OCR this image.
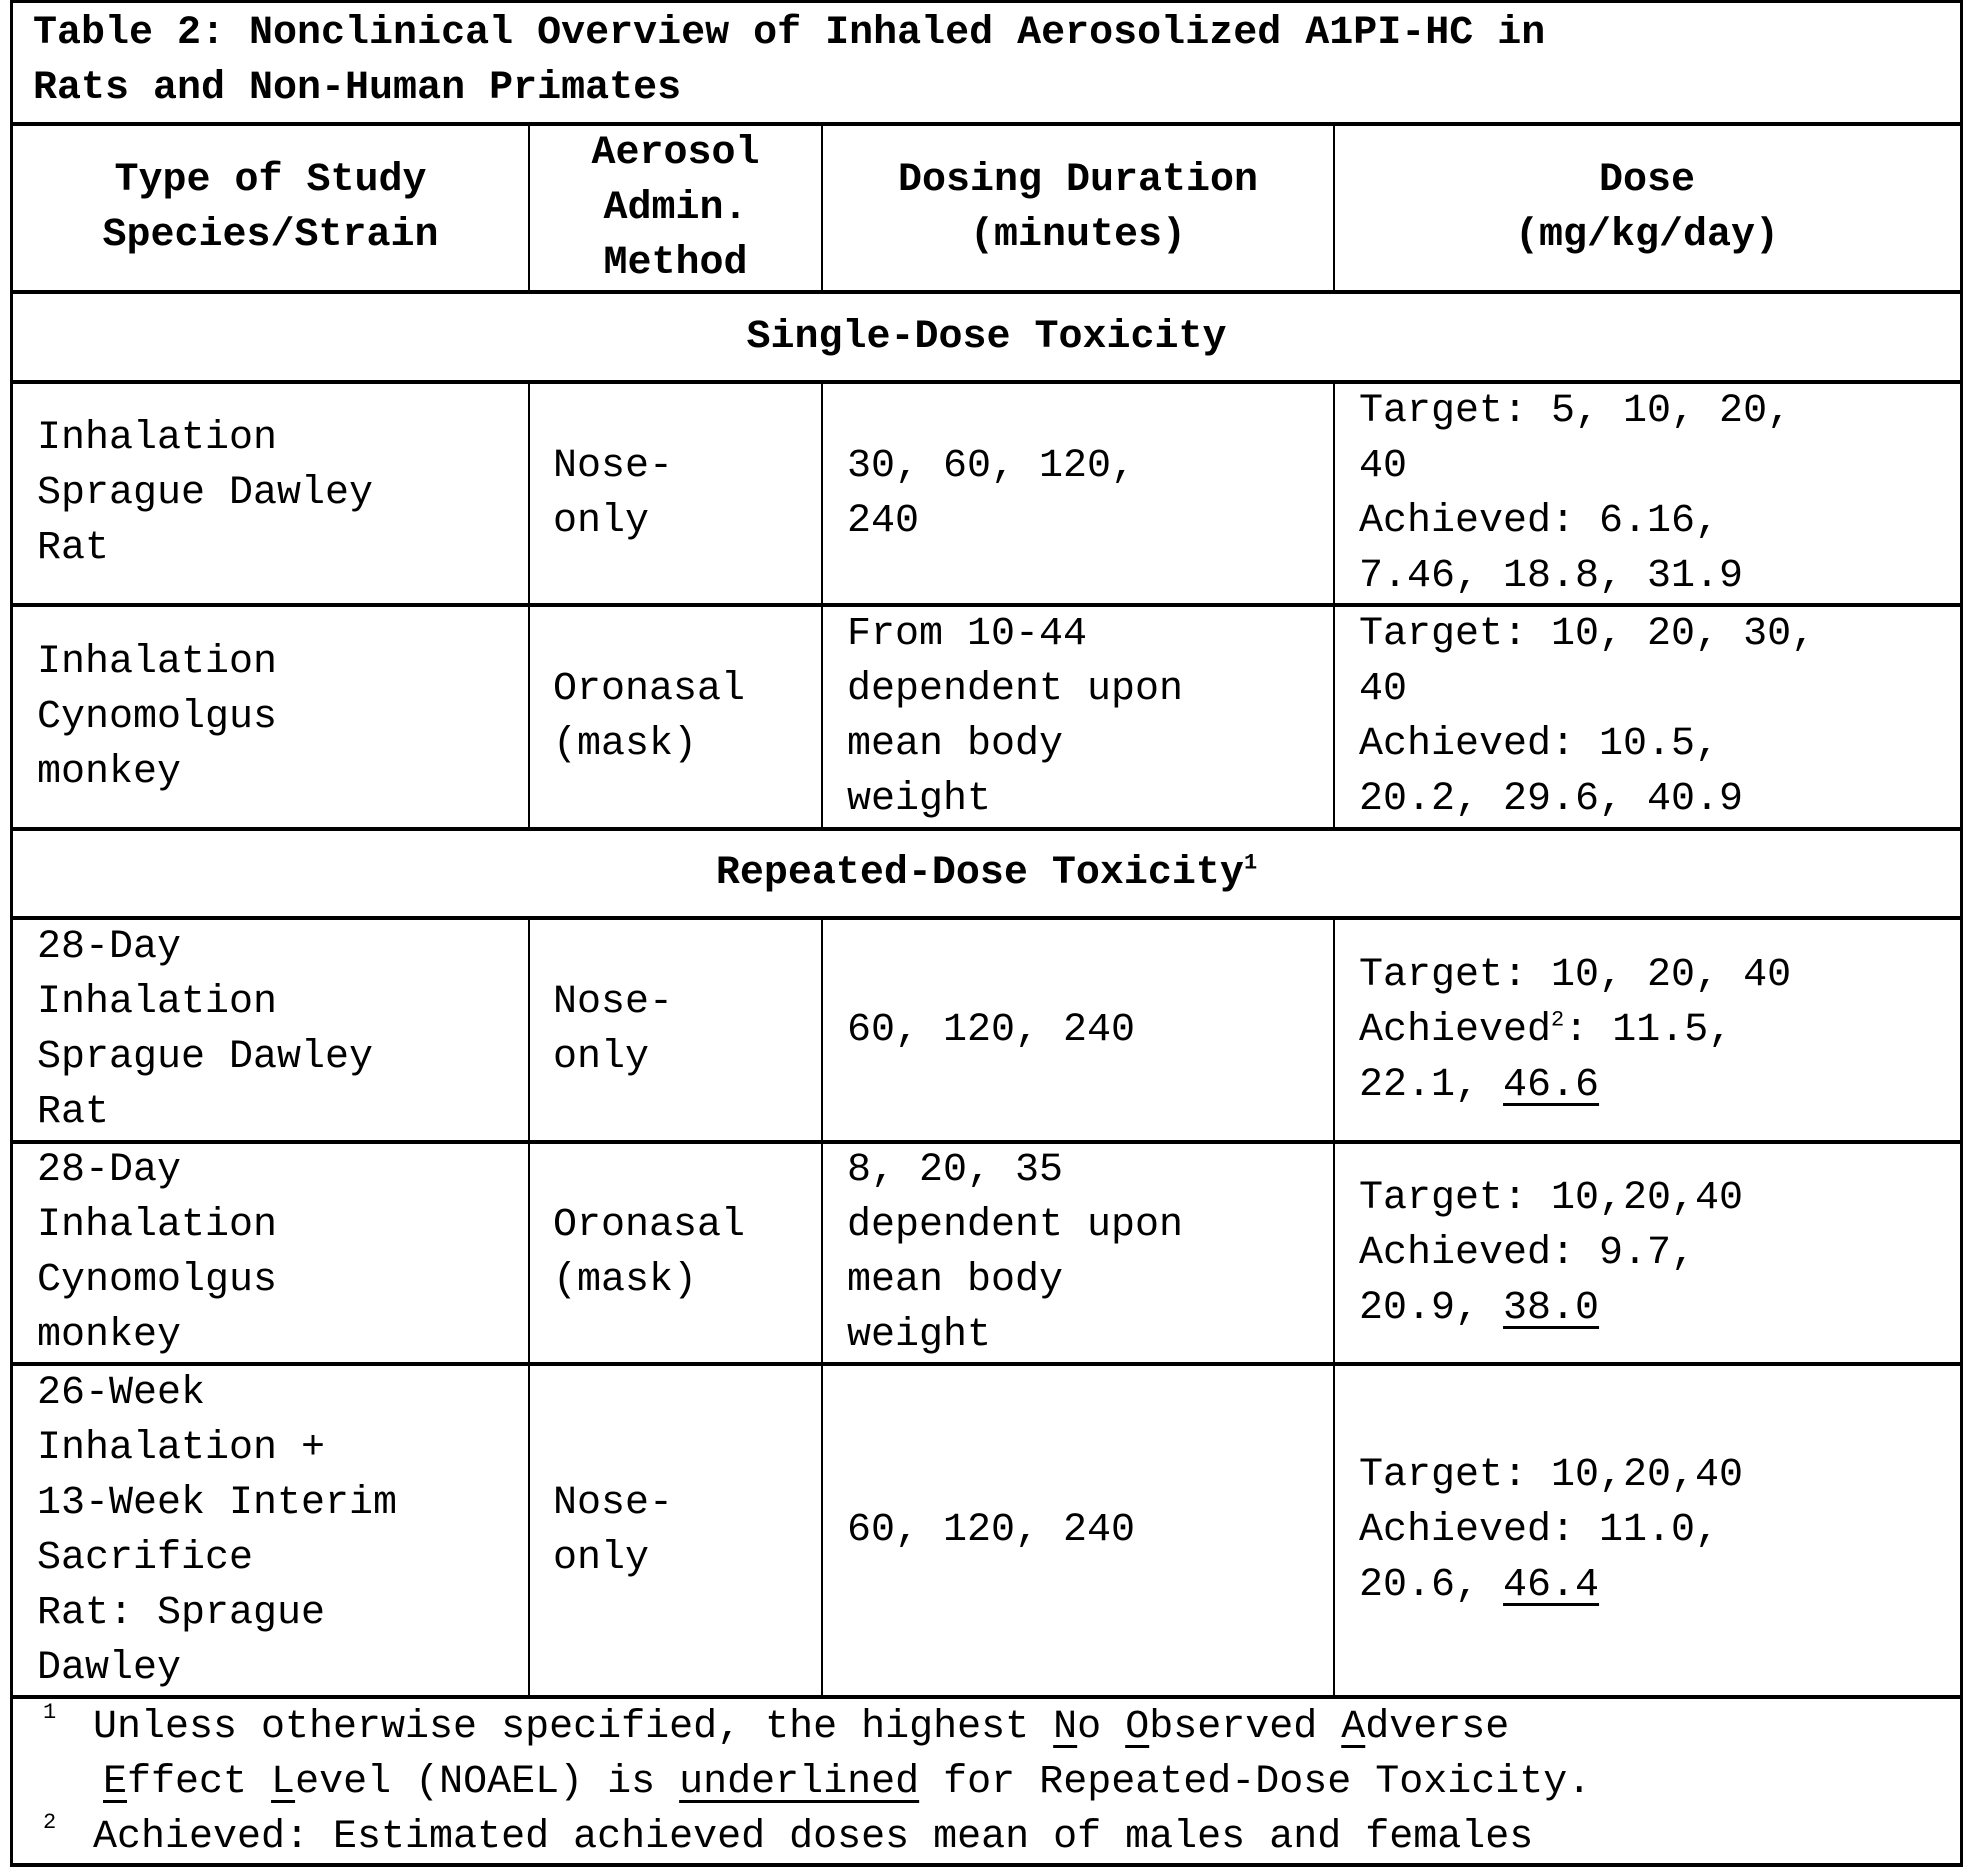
Table 2: Nonclinical Overview of Inhaled Aerosolized A1PI-HC in
Rats and Non-Human Primates
Type of Study
Species/Strain
Aerosol
Admin.
Method
Dosing Duration
(minutes)
Dose
(mg/kg/day)
Single-Dose Toxicity
Inhalation
Sprague Dawley
Rat
Nose-
only
30, 60, 120,
240
Target: 5, 10, 20,
40
Achieved: 6.16,
7.46, 18.8, 31.9
Inhalation
Cynomolgus
monkey
Oronasal
(mask)
From 10-44
dependent upon
mean body
weight
Target: 10, 20, 30,
40
Achieved: 10.5,
20.2, 29.6, 40.9
Repeated-Dose Toxicity$^1$
28-Day
Inhalation
Sprague Dawley
Rat
Nose-
only
60, 120, 240
Target: 10, 20, 40
Achieved$^2$: 11.5,
22.1, 46.6
28-Day
Inhalation
Cynomolgus
monkey
Oronasal
(mask)
8, 20, 35
dependent upon
mean body
weight
Target: 10,20,40
Achieved: 9.7,
20.9, 38.0
26-Week
Inhalation +
13-Week Interim
Sacrifice
Rat: Sprague
Dawley
Nose-
only
60, 120, 240
Target: 10,20,40
Achieved: 11.0,
20.6, 46.4
1 Unless otherwise specified, the highest No Observed Adverse
Effect Level (NOAEL) is underlined for Repeated-Dose Toxicity.
2 Achieved: Estimated achieved doses mean of males and females
